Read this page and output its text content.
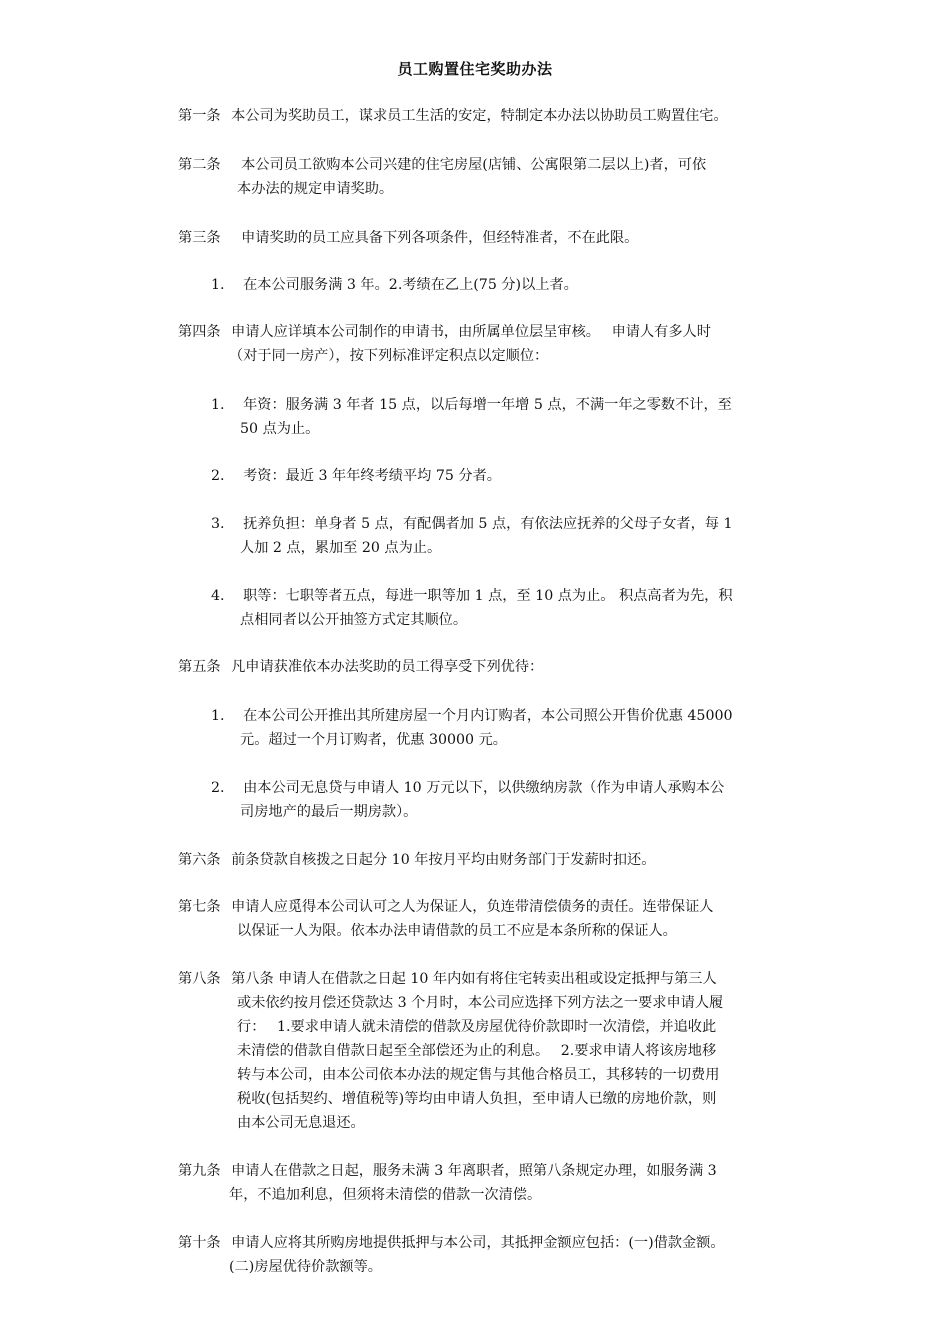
员工购置住宅奖助办法
第一条 本公司为奖助员工，谋求员工生活的安定，特制定本办法以协助员工购置住宅。
第二条 本公司员工欲购本公司兴建的住宅房屋(店铺、公寓限第二层以上)者，可依
本办法的规定申请奖助。
第三条 申请奖助的员工应具备下列各项条件，但经特准者，不在此限。
1. 在本公司服务满 3 年。2.考绩在乙上(75 分)以上者。
第四条 申请人应详填本公司制作的申请书，由所属单位层呈审核。　 申请人有多人时
（对于同一房产），按下列标准评定积点以定顺位：
1. 年资：服务满 3 年者 15 点，以后每增一年增 5 点，不满一年之零数不计，至
50 点为止。
2. 考资：最近 3 年年终考绩平均 75 分者。
3. 抚养负担：单身者 5 点，有配偶者加 5 点，有依法应抚养的父母子女者，每 1
人加 2 点，累加至 20 点为止。
4. 职等：七职等者五点，每进一职等加 1 点，至 10 点为止。 积点高者为先，积
点相同者以公开抽签方式定其顺位。
第五条 凡申请获准依本办法奖助的员工得享受下列优待：
1. 在本公司公开推出其所建房屋一个月内订购者，本公司照公开售价优惠 45000
元。超过一个月订购者，优惠 30000 元。
2. 由本公司无息贷与申请人 10 万元以下，以供缴纳房款（作为申请人承购本公
司房地产的最后一期房款）。
第六条 前条贷款自核拨之日起分 10 年按月平均由财务部门于发薪时扣还。
第七条 申请人应觅得本公司认可之人为保证人，负连带清偿债务的责任。连带保证人
以保证一人为限。依本办法申请借款的员工不应是本条所称的保证人。
第八条 第八条 申请人在借款之日起 10 年内如有将住宅转卖出租或设定抵押与第三人
或未依约按月偿还贷款达 3 个月时，本公司应选择下列方法之一要求申请人履
行：　 1.要求申请人就未清偿的借款及房屋优待价款即时一次清偿，并追收此
未清偿的借款自借款日起至全部偿还为止的利息。　 2.要求申请人将该房地移
转与本公司，由本公司依本办法的规定售与其他合格员工，其移转的一切费用
税收(包括契约、增值税等)等均由申请人负担，至申请人已缴的房地价款，则
由本公司无息退还。
第九条 申请人在借款之日起，服务未满 3 年离职者，照第八条规定办理，如服务满 3
年，不追加利息，但须将未清偿的借款一次清偿。
第十条 申请人应将其所购房地提供抵押与本公司，其抵押金额应包括：(一)借款金额。
(二)房屋优待价款额等。
